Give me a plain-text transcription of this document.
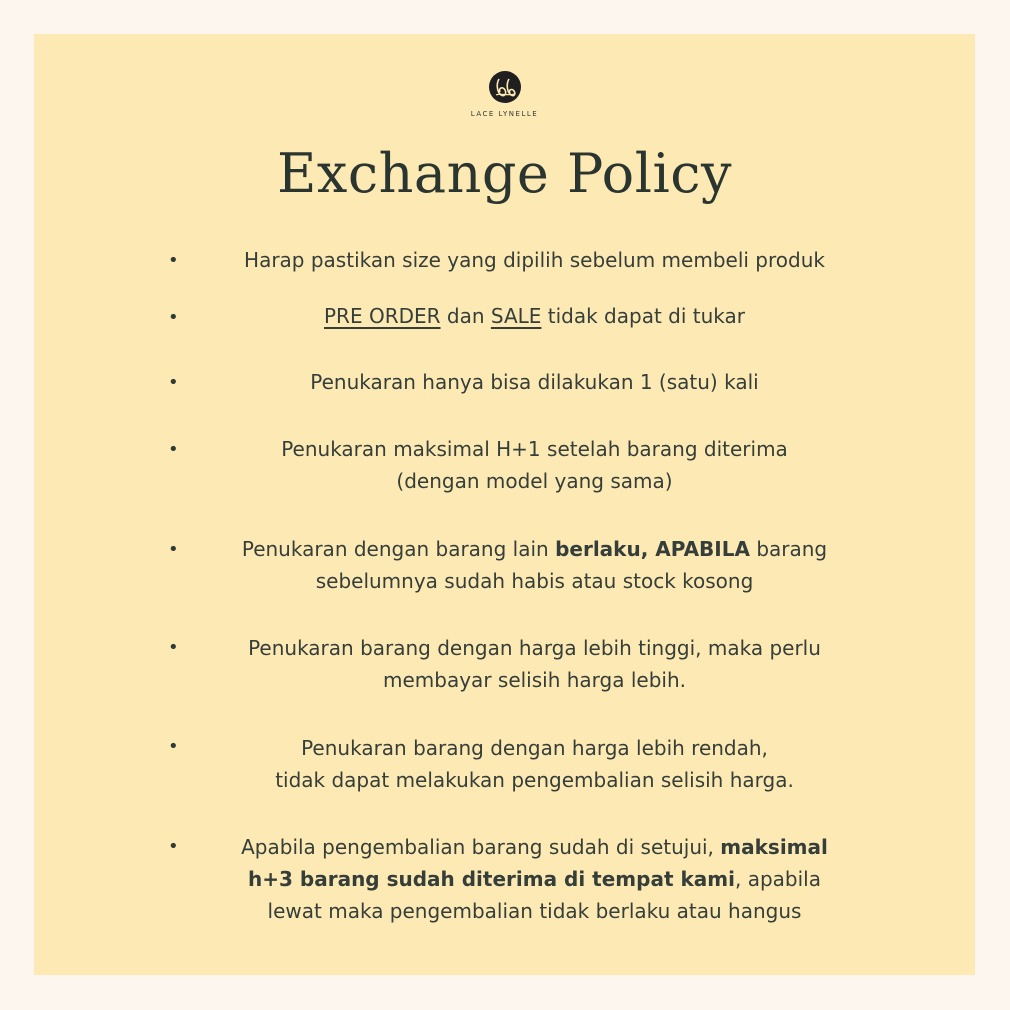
LACE LYNELLE
Exchange Policy
•	Harap pastikan size yang dipilih sebelum membeli produk

•	PRE ORDER dan SALE tidak dapat di tukar

•	Penukaran hanya bisa dilakukan 1 (satu) kali

•	Penukaran maksimal H+1 setelah barang diterima
(dengan model yang sama)

•	Penukaran dengan barang lain berlaku, APABILA barang
sebelumnya sudah habis atau stock kosong

•	Penukaran barang dengan harga lebih tinggi, maka perlu
membayar selisih harga lebih.

•	Penukaran barang dengan harga lebih rendah,
tidak dapat melakukan pengembalian selisih harga.

•	Apabila pengembalian barang sudah di setujui, maksimal
h+3 barang sudah diterima di tempat kami, apabila
lewat maka pengembalian tidak berlaku atau hangus
